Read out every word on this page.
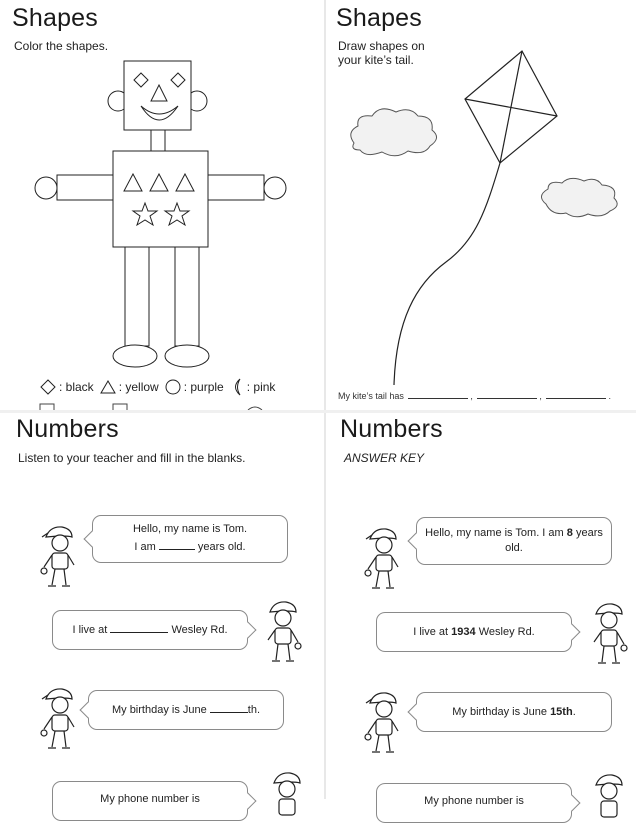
Shapes
Color the shapes.
: black : yellow : purple : pink
Shapes
Draw shapes on
your kite’s tail.
My kite’s tail has	,	,	.
Numbers
Listen to your teacher and fill in the blanks.
Hello, my name is Tom.
I am	years old.
I live at	Wesley Rd.
My birthday is June	th.
My phone number is
Numbers
ANSWER KEY
Hello, my name is Tom. I am 8 years
old.
I live at 1934 Wesley Rd.
My birthday is June 15th.
My phone number is
